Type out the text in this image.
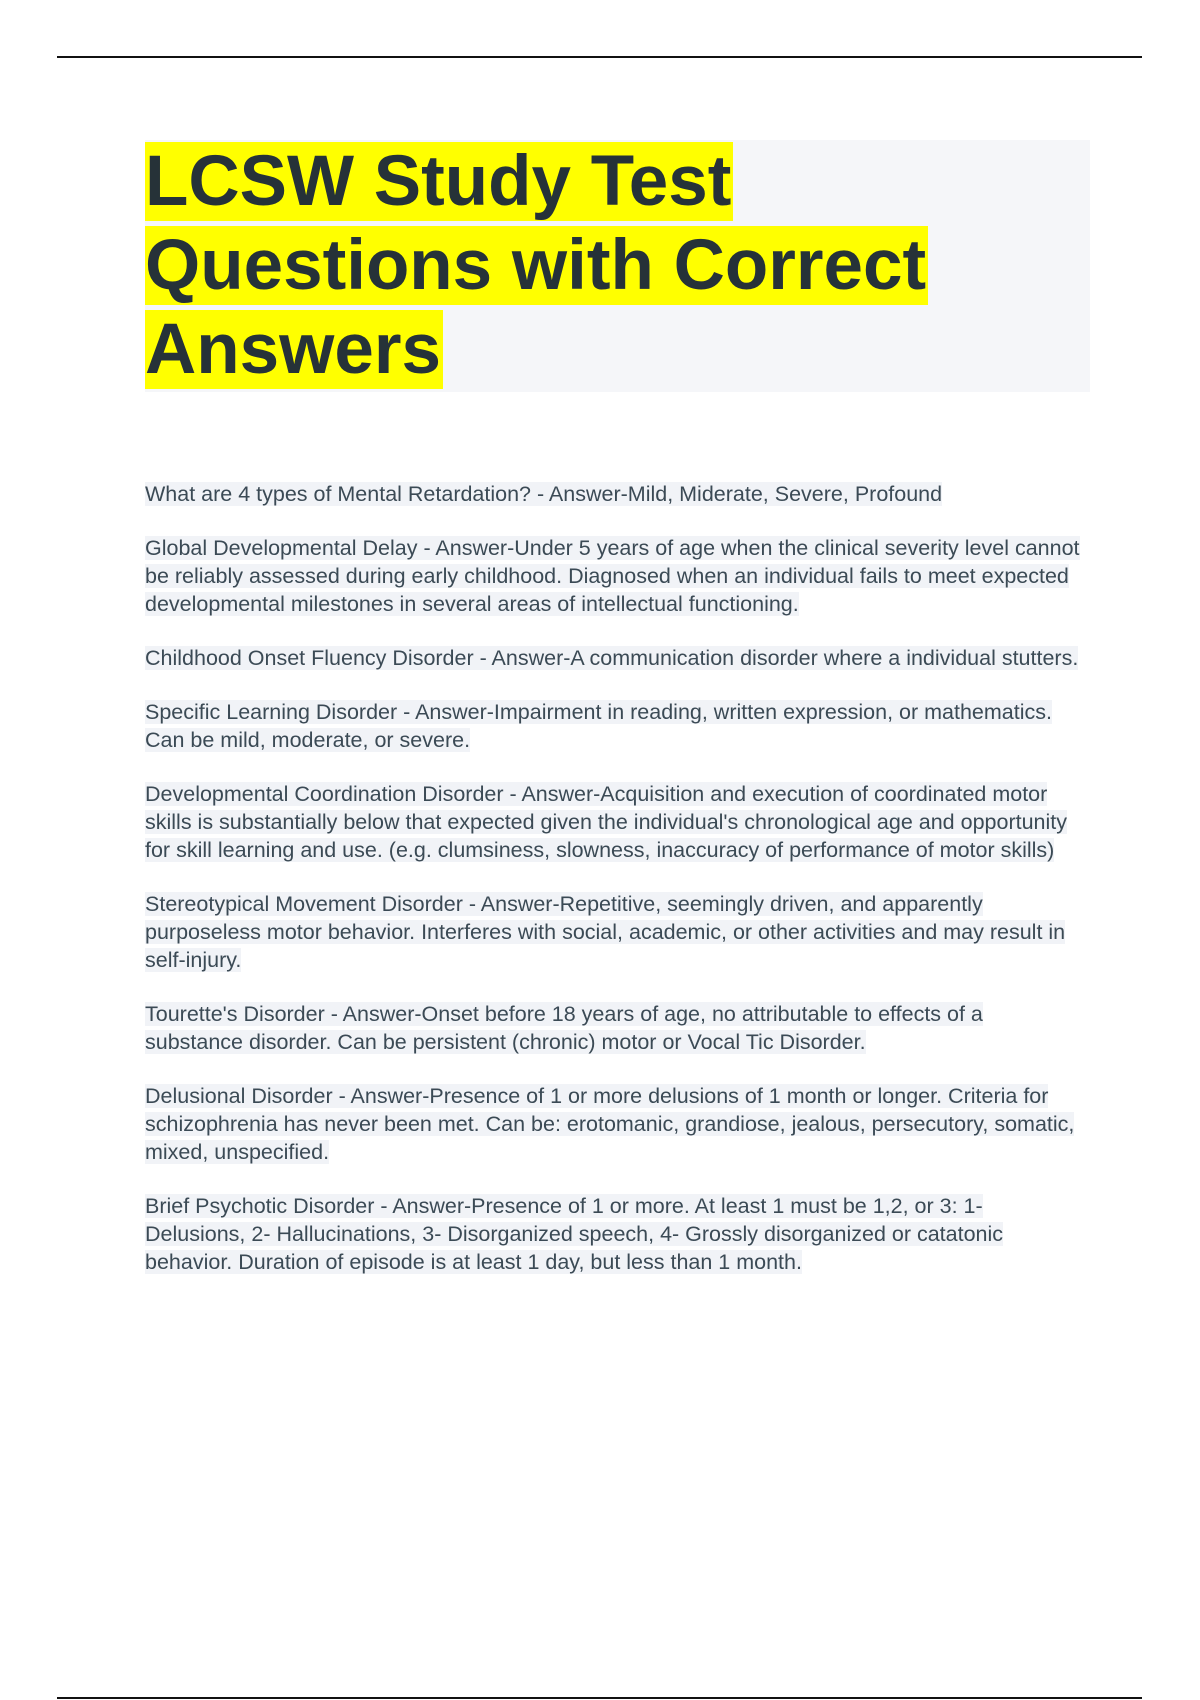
LCSW Study Test Questions with Correct Answers

What are 4 types of Mental Retardation? - Answer-Mild, Miderate, Severe, Profound

Global Developmental Delay - Answer-Under 5 years of age when the clinical severity level cannot be reliably assessed during early childhood. Diagnosed when an individual fails to meet expected developmental milestones in several areas of intellectual functioning.

Childhood Onset Fluency Disorder - Answer-A communication disorder where a individual stutters.

Specific Learning Disorder - Answer-Impairment in reading, written expression, or mathematics. Can be mild, moderate, or severe.

Developmental Coordination Disorder - Answer-Acquisition and execution of coordinated motor skills is substantially below that expected given the individual's chronological age and opportunity for skill learning and use. (e.g. clumsiness, slowness, inaccuracy of performance of motor skills)

Stereotypical Movement Disorder - Answer-Repetitive, seemingly driven, and apparently purposeless motor behavior. Interferes with social, academic, or other activities and may result in self-injury.

Tourette's Disorder - Answer-Onset before 18 years of age, no attributable to effects of a substance disorder. Can be persistent (chronic) motor or Vocal Tic Disorder.

Delusional Disorder - Answer-Presence of 1 or more delusions of 1 month or longer. Criteria for schizophrenia has never been met. Can be: erotomanic, grandiose, jealous, persecutory, somatic, mixed, unspecified.

Brief Psychotic Disorder - Answer-Presence of 1 or more. At least 1 must be 1,2, or 3: 1- Delusions, 2- Hallucinations, 3- Disorganized speech, 4- Grossly disorganized or catatonic behavior. Duration of episode is at least 1 day, but less than 1 month.
